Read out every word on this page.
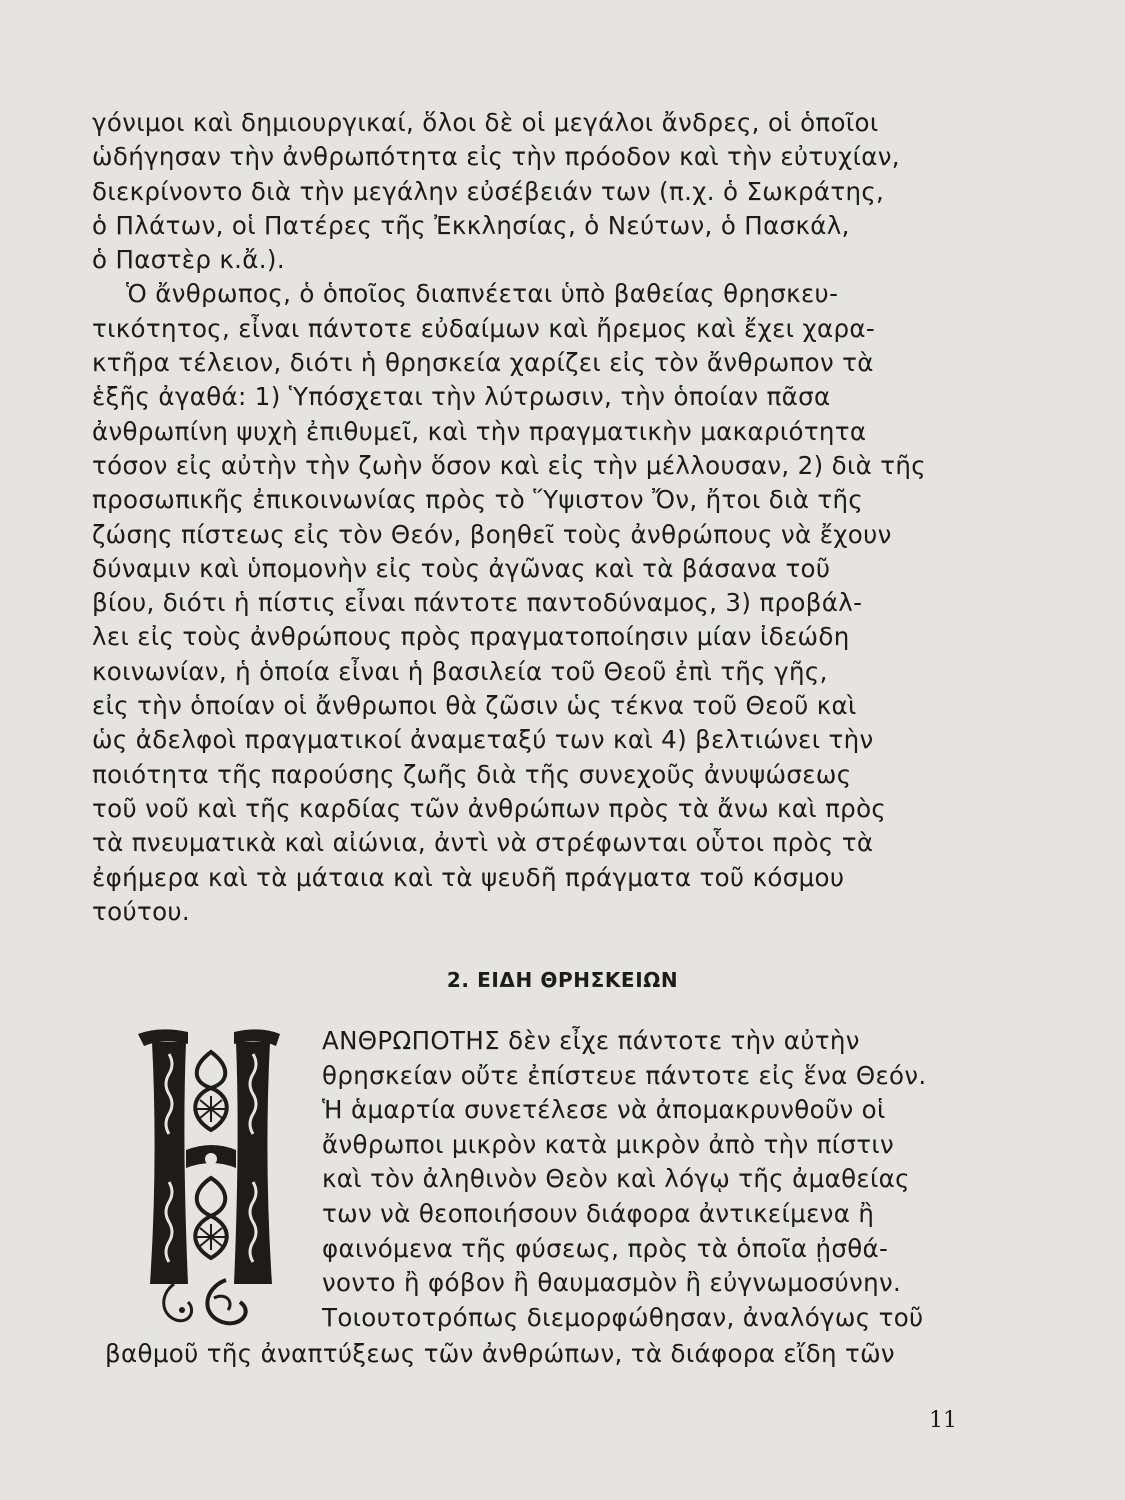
γόνιμοι καὶ δημιουργικαί, ὅλοι δὲ οἱ μεγάλοι ἄνδρες, οἱ ὁποῖοι
ὡδήγησαν τὴν ἀνθρωπότητα εἰς τὴν πρόοδον καὶ τὴν εὐτυχίαν,
διεκρίνοντο διὰ τὴν μεγάλην εὐσέβειάν των (π.χ. ὁ Σωκράτης,
ὁ Πλάτων, οἱ Πατέρες τῆς Ἐκκλησίας, ὁ Νεύτων, ὁ Πασκάλ,
ὁ Παστὲρ κ.ἄ.).
Ὁ ἄνθρωπος, ὁ ὁποῖος διαπνέεται ὑπὸ βαθείας θρησκευ-
τικότητος, εἶναι πάντοτε εὐδαίμων καὶ ἤρεμος καὶ ἔχει χαρα-
κτῆρα τέλειον, διότι ἡ θρησκεία χαρίζει εἰς τὸν ἄνθρωπον τὰ
ἑξῆς ἀγαθά: 1) Ὑπόσχεται τὴν λύτρωσιν, τὴν ὁποίαν πᾶσα
ἀνθρωπίνη ψυχὴ ἐπιθυμεῖ, καὶ τὴν πραγματικὴν μακαριότητα
τόσον εἰς αὐτὴν τὴν ζωὴν ὅσον καὶ εἰς τὴν μέλλουσαν, 2) διὰ τῆς
προσωπικῆς ἐπικοινωνίας πρὸς τὸ Ὕψιστον Ὄν, ἤτοι διὰ τῆς
ζώσης πίστεως εἰς τὸν Θεόν, βοηθεῖ τοὺς ἀνθρώπους νὰ ἔχουν
δύναμιν καὶ ὑπομονὴν εἰς τοὺς ἀγῶνας καὶ τὰ βάσανα τοῦ
βίου, διότι ἡ πίστις εἶναι πάντοτε παντοδύναμος, 3) προβάλ-
λει εἰς τοὺς ἀνθρώπους πρὸς πραγματοποίησιν μίαν ἰδεώδη
κοινωνίαν, ἡ ὁποία εἶναι ἡ βασιλεία τοῦ Θεοῦ ἐπὶ τῆς γῆς,
εἰς τὴν ὁποίαν οἱ ἄνθρωποι θὰ ζῶσιν ὡς τέκνα τοῦ Θεοῦ καὶ
ὡς ἀδελφοὶ πραγματικοί ἀναμεταξύ των καὶ 4) βελτιώνει τὴν
ποιότητα τῆς παρούσης ζωῆς διὰ τῆς συνεχοῦς ἀνυψώσεως
τοῦ νοῦ καὶ τῆς καρδίας τῶν ἀνθρώπων πρὸς τὰ ἄνω καὶ πρὸς
τὰ πνευματικὰ καὶ αἰώνια, ἀντὶ νὰ στρέφωνται οὗτοι πρὸς τὰ
ἐφήμερα καὶ τὰ μάταια καὶ τὰ ψευδῆ πράγματα τοῦ κόσμου
τούτου.
2. ΕΙΔΗ ΘΡΗΣΚΕΙΩΝ
ΑΝΘΡΩΠΟΤΗΣ δὲν εἶχε πάντοτε τὴν αὐτὴν
θρησκείαν οὔτε ἐπίστευε πάντοτε εἰς ἕνα Θεόν.
Ἡ ἁμαρτία συνετέλεσε νὰ ἀπομακρυνθοῦν οἱ
ἄνθρωποι μικρὸν κατὰ μικρὸν ἀπὸ τὴν πίστιν
καὶ τὸν ἀληθινὸν Θεὸν καὶ λόγῳ τῆς ἀμαθείας
των νὰ θεοποιήσουν διάφορα ἀντικείμενα ἢ
φαινόμενα τῆς φύσεως, πρὸς τὰ ὁποῖα ᾐσθά-
νοντο ἢ φόβον ἢ θαυμασμὸν ἢ εὐγνωμοσύνην.
Τοιουτοτρόπως διεμορφώθησαν, ἀναλόγως τοῦ
βαθμοῦ τῆς ἀναπτύξεως τῶν ἀνθρώπων, τὰ διάφορα εἴδη τῶν

11
